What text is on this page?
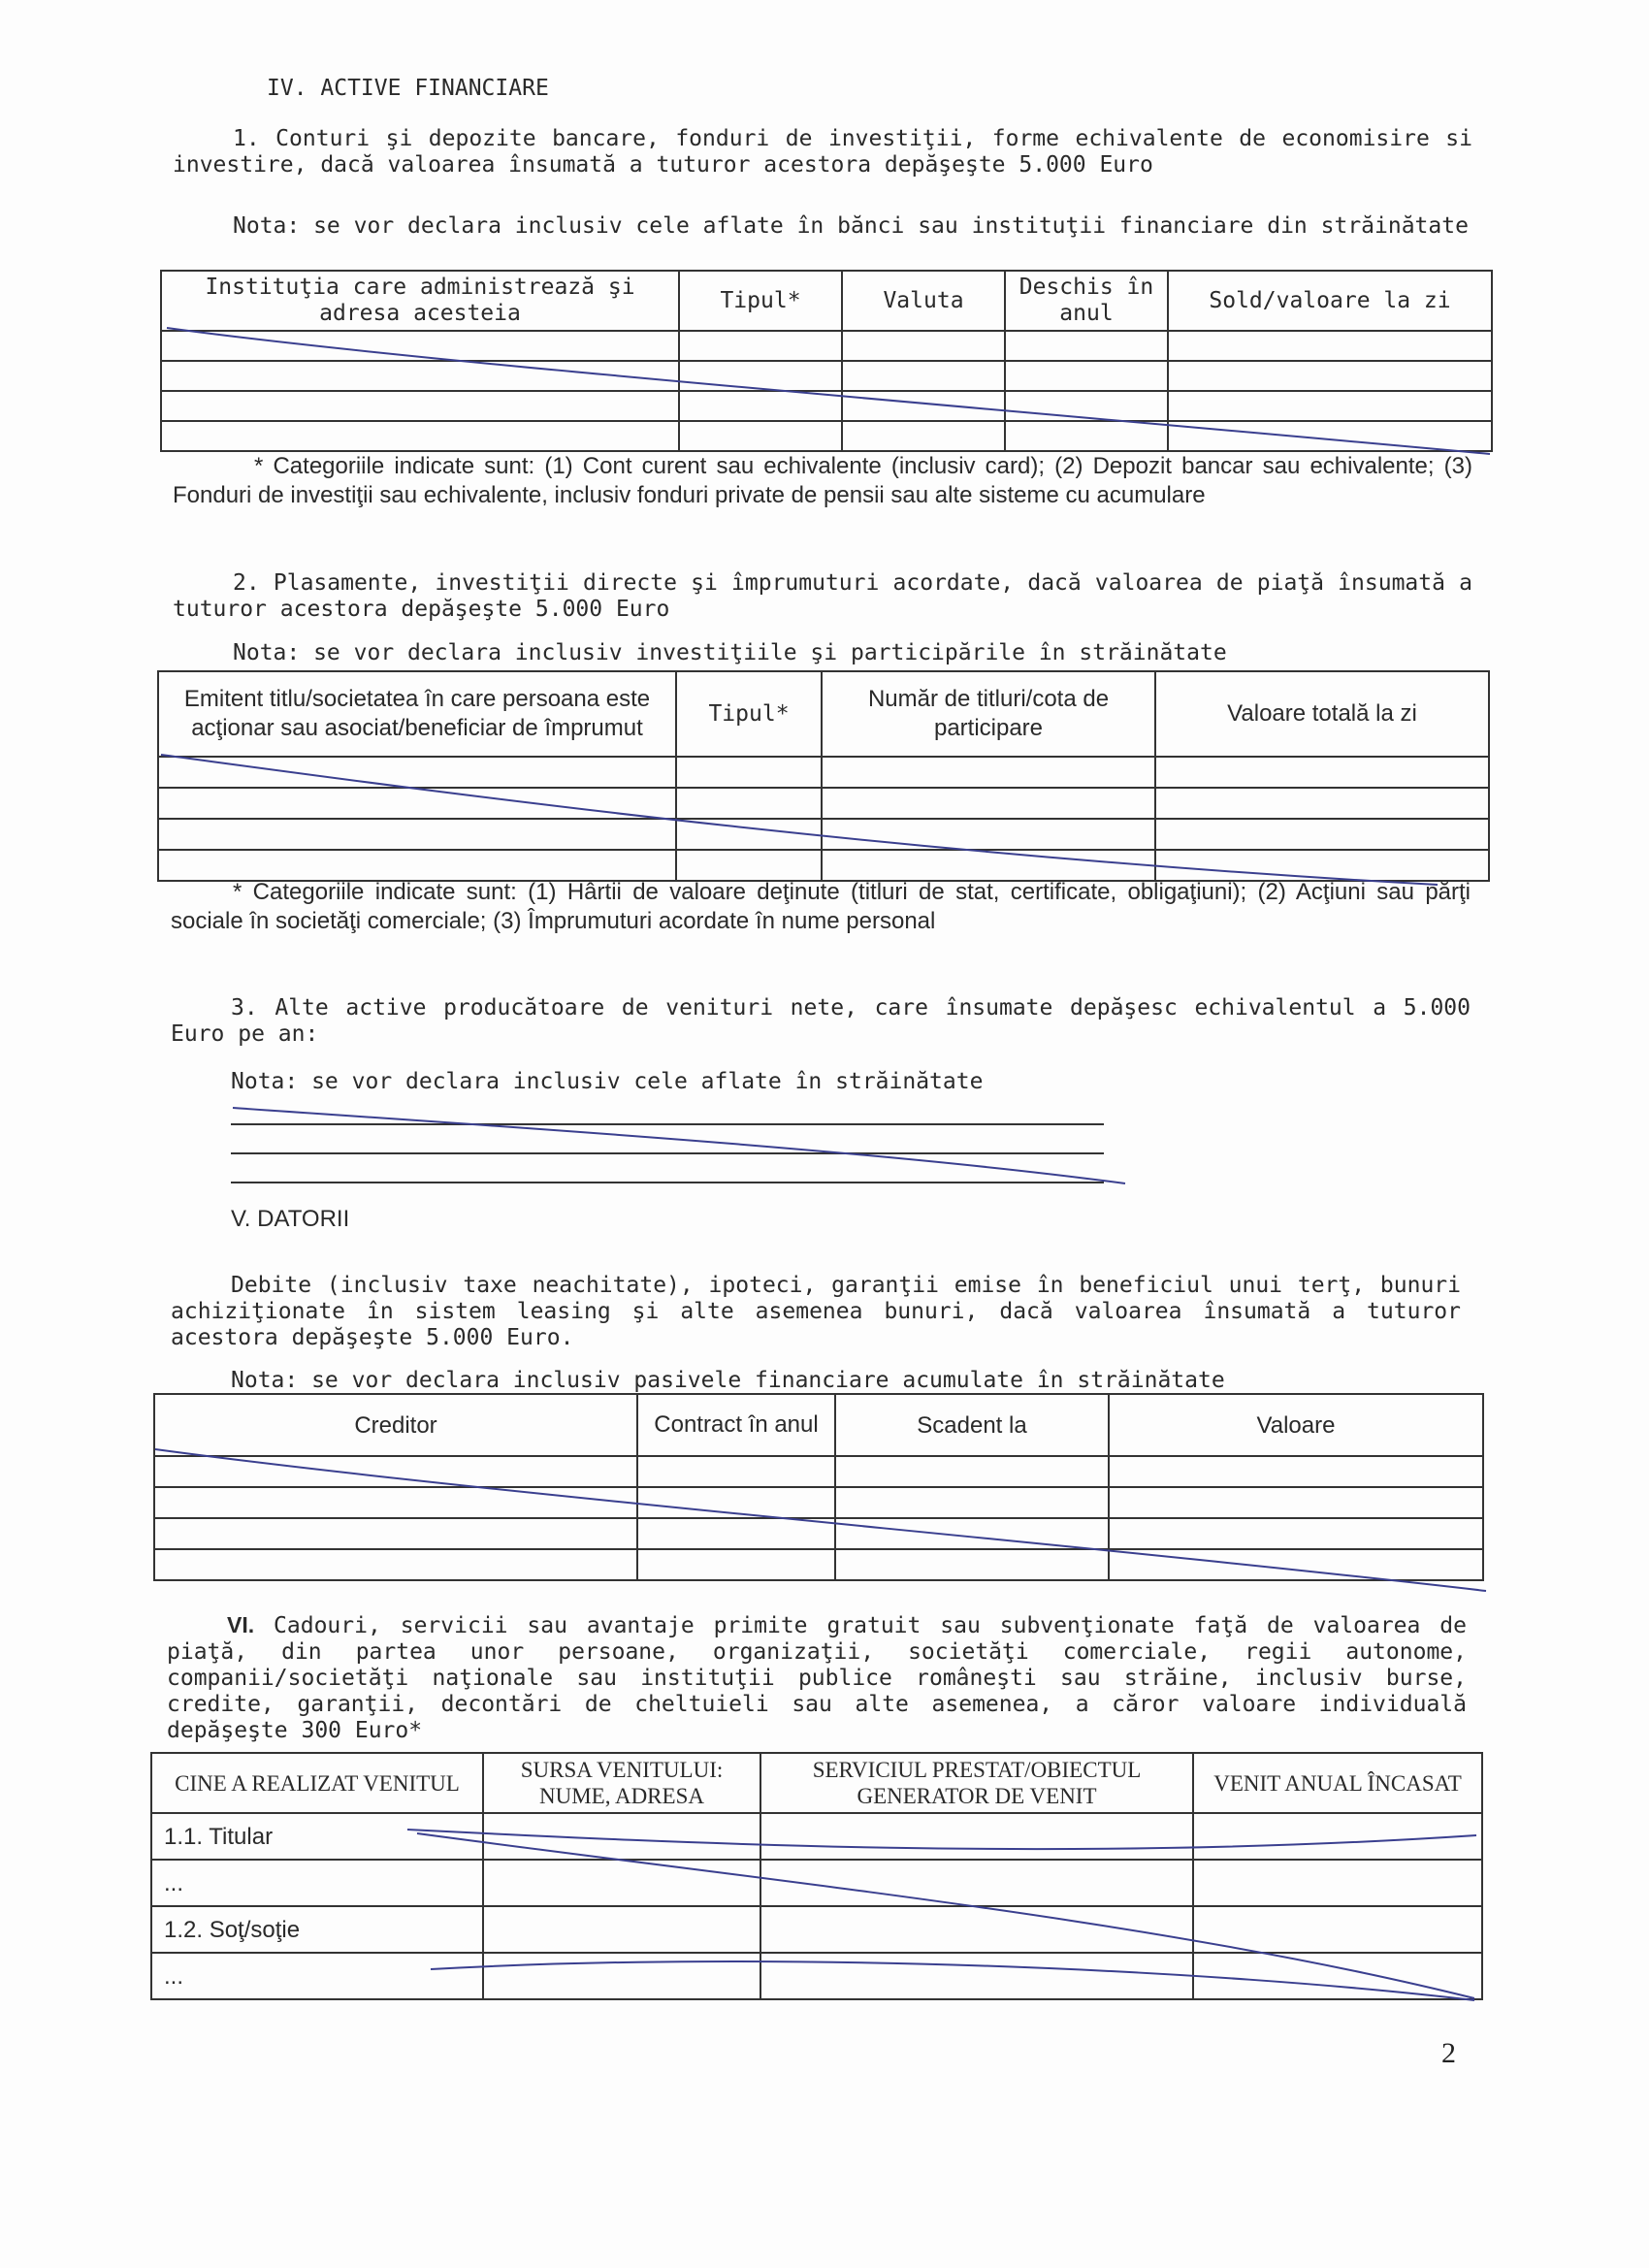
IV. ACTIVE FINANCIARE
1. Conturi şi depozite bancare, fonduri de investiţii, forme echivalente de economisire si investire, dacă valoarea însumată a tuturor acestora depăşeşte 5.000 Euro
Nota: se vor declara inclusiv cele aflate în bănci sau instituţii financiare din străinătate
Instituţia care administrează şi adresa acesteia	Tipul*	Valuta	Deschis în anul	Sold/valoare la zi

* Categoriile indicate sunt: (1) Cont curent sau echivalente (inclusiv card); (2) Depozit bancar sau echivalente; (3) Fonduri de investiţii sau echivalente, inclusiv fonduri private de pensii sau alte sisteme cu acumulare
2. Plasamente, investiţii directe şi împrumuturi acordate, dacă valoarea de piaţă însumată a tuturor acestora depăşeşte 5.000 Euro
Nota: se vor declara inclusiv investiţiile şi participările în străinătate
Emitent titlu/societatea în care persoana este acţionar sau asociat/beneficiar de împrumut	Tipul*	Număr de titluri/cota de participare	Valoare totală la zi

* Categoriile indicate sunt: (1) Hârtii de valoare deţinute (titluri de stat, certificate, obligaţiuni); (2) Acţiuni sau părţi sociale în societăţi comerciale; (3) Împrumuturi acordate în nume personal
3. Alte active producătoare de venituri nete, care însumate depăşesc echivalentul a 5.000 Euro pe an:
Nota: se vor declara inclusiv cele aflate în străinătate
V. DATORII
Debite (inclusiv taxe neachitate), ipoteci, garanţii emise în beneficiul unui terţ, bunuri achiziţionate în sistem leasing şi alte asemenea bunuri, dacă valoarea însumată a tuturor acestora depăşeşte 5.000 Euro.
Nota: se vor declara inclusiv pasivele financiare acumulate în străinătate
Creditor	Contract în anul	Scadent la	Valoare

VI. Cadouri, servicii sau avantaje primite gratuit sau subvenţionate faţă de valoarea de piaţă, din partea unor persoane, organizaţii, societăţi comerciale, regii autonome, companii/societăţi naţionale sau instituţii publice româneşti sau străine, inclusiv burse, credite, garanţii, decontări de cheltuieli sau alte asemenea, a căror valoare individuală depăşeşte 300 Euro*
CINE A REALIZAT VENITUL	SURSA VENITULUI: NUME, ADRESA	SERVICIUL PRESTAT/OBIECTUL GENERATOR DE VENIT	VENIT ANUAL ÎNCASAT
1.1. Titular			
...			
1.2. Soţ/soţie			
...			
2
